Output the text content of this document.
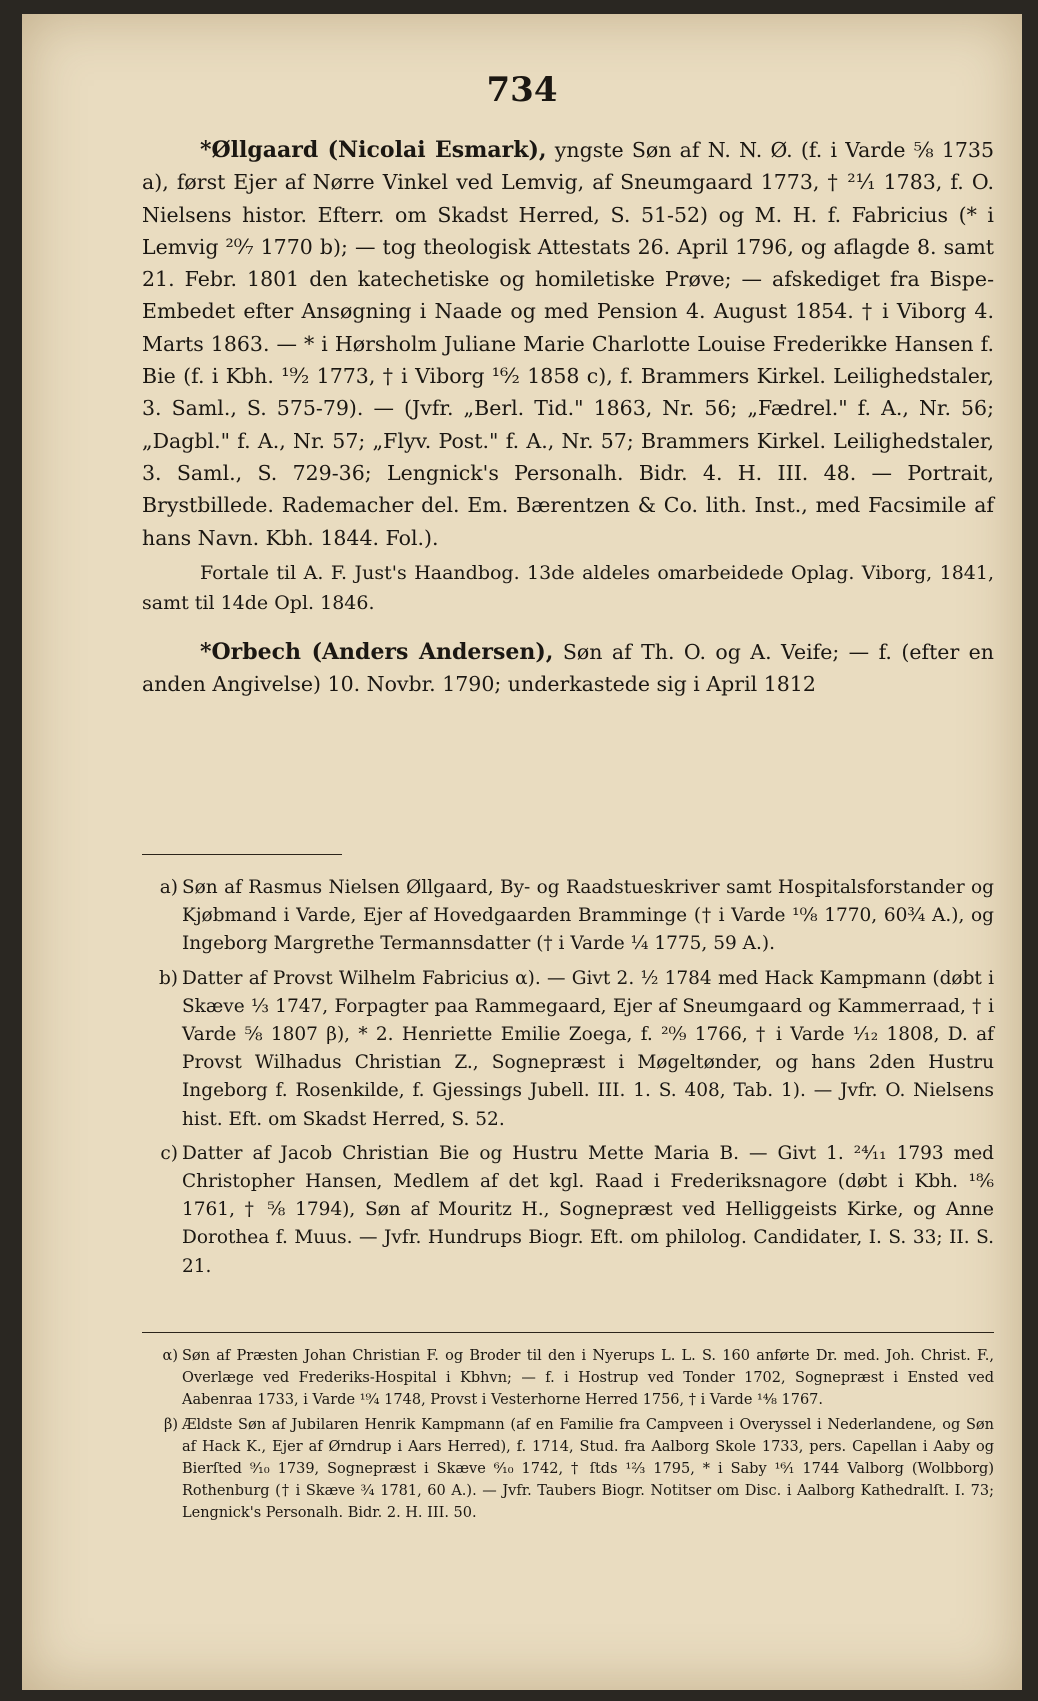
734

*Øllgaard (Nicolai Esmark), yngste Søn af N. N. Ø. (f. i Varde ⅝ 1735 a), først Ejer af Nørre Vinkel ved Lemvig, af Sneumgaard 1773, † ²¹⁄₁ 1783, f. O. Nielsens histor. Efterr. om Skadst Herred, S. 51-52) og M. H. f. Fabricius (* i Lemvig ²⁰⁄₇ 1770 b); — tog theologisk Attestats 26. April 1796, og aflagde 8. samt 21. Febr. 1801 den katechetiske og homiletiske Prøve; — afskediget fra Bispe-Embedet efter Ansøgning i Naade og med Pension 4. August 1854. † i Viborg 4. Marts 1863. — * i Hørsholm Juliane Marie Charlotte Louise Frederikke Hansen f. Bie (f. i Kbh. ¹⁹⁄₂ 1773, † i Viborg ¹⁶⁄₂ 1858 c), f. Brammers Kirkel. Leilighedstaler, 3. Saml., S. 575-79). — (Jvfr. „Berl. Tid." 1863, Nr. 56; „Fædrel." f. A., Nr. 56; „Dagbl." f. A., Nr. 57; „Flyv. Post." f. A., Nr. 57; Brammers Kirkel. Leilighedstaler, 3. Saml., S. 729-36; Lengnick's Personalh. Bidr. 4. H. III. 48. — Portrait, Brystbillede. Rademacher del. Em. Bærentzen & Co. lith. Inst., med Facsimile af hans Navn. Kbh. 1844. Fol.).

Fortale til A. F. Just's Haandbog. 13de aldeles omarbeidede Oplag. Viborg, 1841, samt til 14de Opl. 1846.

*Orbech (Anders Andersen), Søn af Th. O. og A. Veife; — f. (efter en anden Angivelse) 10. Novbr. 1790; underkastede sig i April 1812

a) Søn af Rasmus Nielsen Øllgaard, By- og Raadstueskriver samt Hospitalsforstander og Kjøbmand i Varde, Ejer af Hovedgaarden Bramminge († i Varde ¹⁰⁄₈ 1770, 60¾ A.), og Ingeborg Margrethe Termannsdatter († i Varde ¼ 1775, 59 A.).

b) Datter af Provst Wilhelm Fabricius α). — Givt 2. ½ 1784 med Hack Kampmann (døbt i Skæve ⅓ 1747, Forpagter paa Rammegaard, Ejer af Sneumgaard og Kammerraad, † i Varde ⅝ 1807 β), * 2. Henriette Emilie Zoega, f. ²⁰⁄₉ 1766, † i Varde ¹⁄₁₂ 1808, D. af Provst Wilhadus Christian Z., Sognepræst i Møgeltønder, og hans 2den Hustru Ingeborg f. Rosenkilde, f. Gjessings Jubell. III. 1. S. 408, Tab. 1). — Jvfr. O. Nielsens hist. Eft. om Skadst Herred, S. 52.

c) Datter af Jacob Christian Bie og Hustru Mette Maria B. — Givt 1. ²⁴⁄₁₁ 1793 med Christopher Hansen, Medlem af det kgl. Raad i Frederiksnagore (døbt i Kbh. ¹⁸⁄₆ 1761, † ⅝ 1794), Søn af Mouritz H., Sognepræst ved Helliggeists Kirke, og Anne Dorothea f. Muus. — Jvfr. Hundrups Biogr. Eft. om philolog. Candidater, I. S. 33; II. S. 21.

α) Søn af Præsten Johan Christian F. og Broder til den i Nyerups L. L. S. 160 anførte Dr. med. Joh. Christ. F., Overlæge ved Frederiks-Hospital i Kbhvn; — f. i Hostrup ved Tonder 1702, Sognepræst i Ensted ved Aabenraa 1733, i Varde ¹⁹⁄₄ 1748, Provst i Vesterhorne Herred 1756, † i Varde ¹⁴⁄₈ 1767.

β) Ældste Søn af Jubilaren Henrik Kampmann (af en Familie fra Campveen i Overyssel i Nederlandene, og Søn af Hack K., Ejer af Ørndrup i Aars Herred), f. 1714, Stud. fra Aalborg Skole 1733, pers. Capellan i Aaby og Bierſted ⁹⁄₁₀ 1739, Sognepræst i Skæve ⁶⁄₁₀ 1742, † ſtds ¹²⁄₃ 1795, * i Saby ¹⁶⁄₁ 1744 Valborg (Wolbborg) Rothenburg († i Skæve ³⁄₄ 1781, 60 A.). — Jvfr. Taubers Biogr. Notitser om Disc. i Aalborg Kathedralſt. I. 73; Lengnick's Personalh. Bidr. 2. H. III. 50.
